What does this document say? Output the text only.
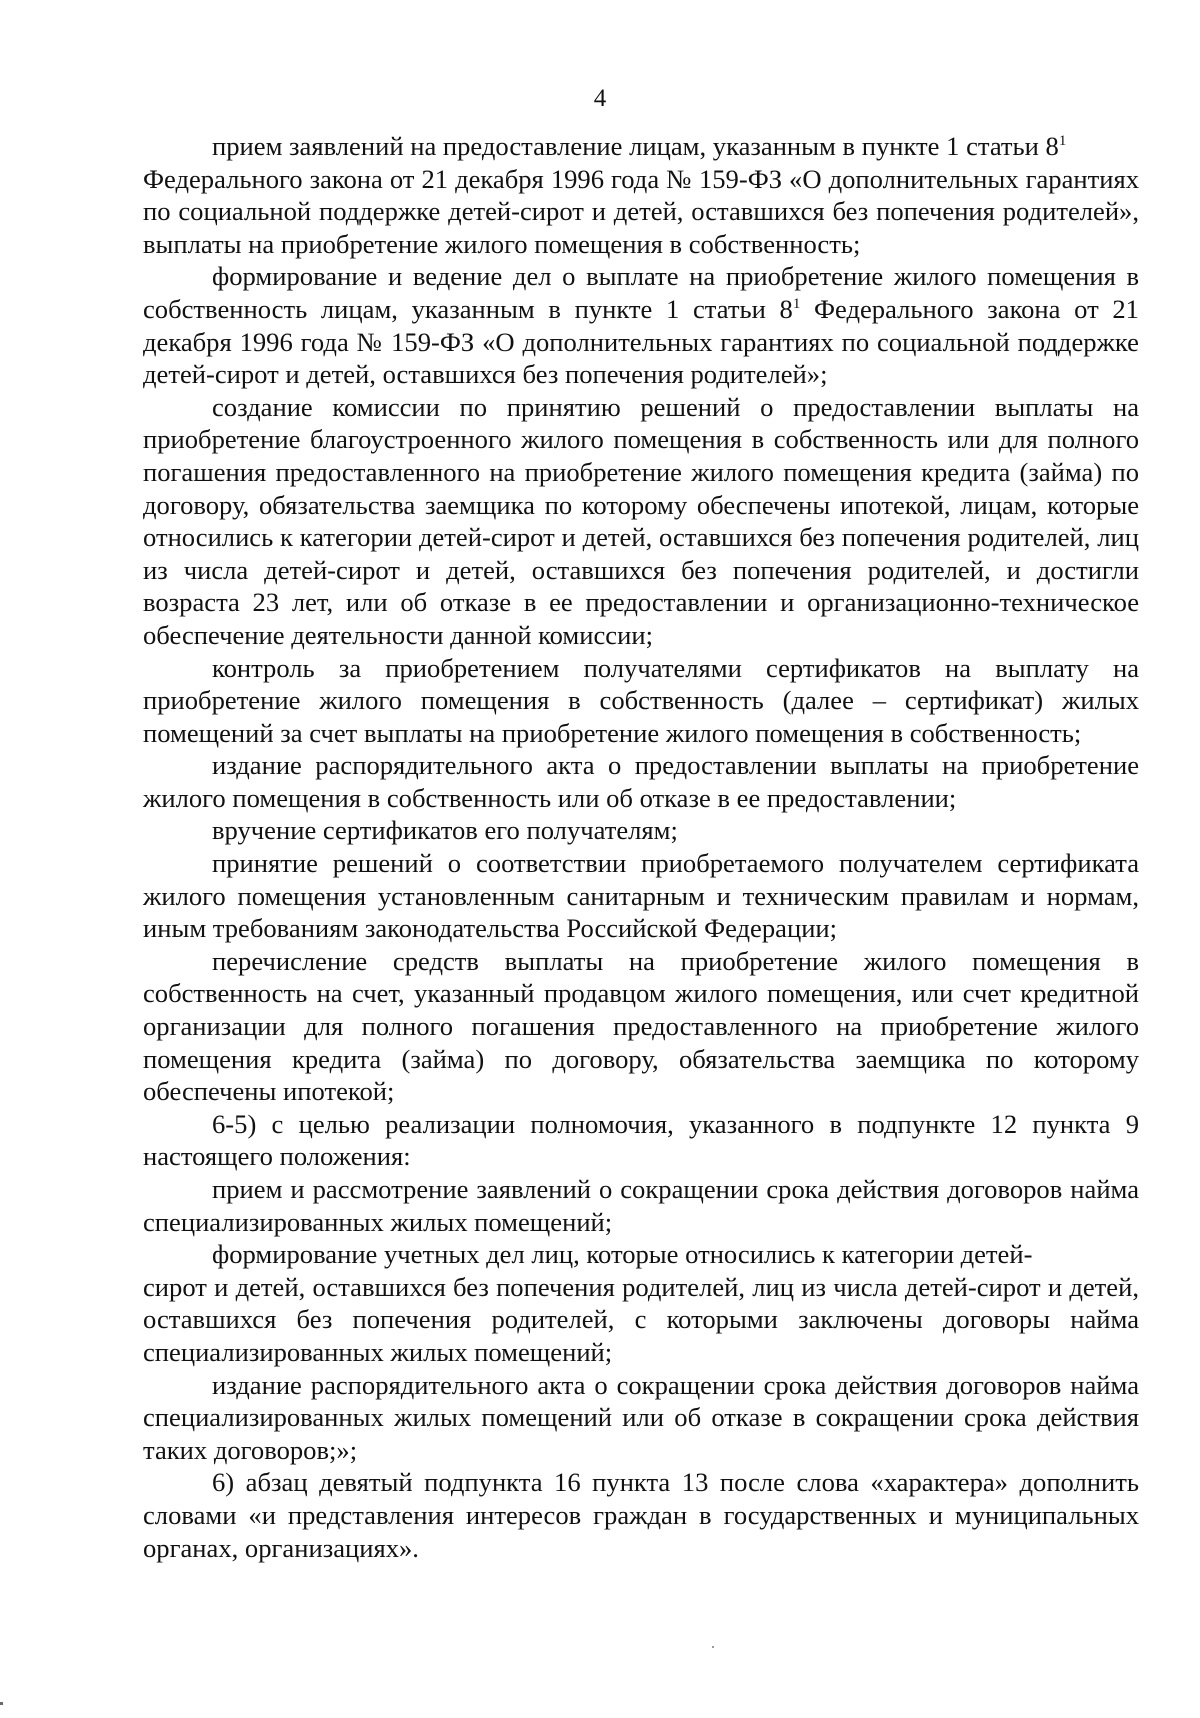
4

прием заявлений на предоставление лицам, указанным в пункте 1 статьи $8^1$
Федерального закона от 21 декабря 1996 года № 159-ФЗ «О дополнительных гарантиях по социальной поддержке детей-сирот и детей, оставшихся без попечения родителей», выплаты на приобретение жилого помещения в собственность;

формирование и ведение дел о выплате на приобретение жилого помещения в собственность лицам, указанным в пункте 1 статьи $8^1$ Федерального закона от 21 декабря 1996 года № 159-ФЗ «О дополнительных гарантиях по социальной поддержке детей-сирот и детей, оставшихся без попечения родителей»;

создание комиссии по принятию решений о предоставлении выплаты на приобретение благоустроенного жилого помещения в собственность или для полного погашения предоставленного на приобретение жилого помещения кредита (займа) по договору, обязательства заемщика по которому обеспечены ипотекой, лицам, которые относились к категории детей-сирот и детей, оставшихся без попечения родителей, лиц из числа детей-сирот и детей, оставшихся без попечения родителей, и достигли возраста 23 лет, или об отказе в ее предоставлении и организационно-техническое обеспечение деятельности данной комиссии;

контроль за приобретением получателями сертификатов на выплату на приобретение жилого помещения в собственность (далее – сертификат) жилых помещений за счет выплаты на приобретение жилого помещения в собственность;

издание распорядительного акта о предоставлении выплаты на приобретение жилого помещения в собственность или об отказе в ее предоставлении;

вручение сертификатов его получателям;

принятие решений о соответствии приобретаемого получателем сертификата жилого помещения установленным санитарным и техническим правилам и нормам, иным требованиям законодательства Российской Федерации;

перечисление средств выплаты на приобретение жилого помещения в собственность на счет, указанный продавцом жилого помещения, или счет кредитной организации для полного погашения предоставленного на приобретение жилого помещения кредита (займа) по договору, обязательства заемщика по которому обеспечены ипотекой;

6-5) с целью реализации полномочия, указанного в подпункте 12 пункта 9 настоящего положения:

прием и рассмотрение заявлений о сокращении срока действия договоров найма специализированных жилых помещений;

формирование учетных дел лиц, которые относились к категории детей-
сирот и детей, оставшихся без попечения родителей, лиц из числа детей-сирот и детей, оставшихся без попечения родителей, с которыми заключены договоры найма специализированных жилых помещений;

издание распорядительного акта о сокращении срока действия договоров найма специализированных жилых помещений или об отказе в сокращении срока действия таких договоров;»;

6) абзац девятый подпункта 16 пункта 13 после слова «характера» дополнить словами «и представления интересов граждан в государственных и муниципальных органах, организациях».
